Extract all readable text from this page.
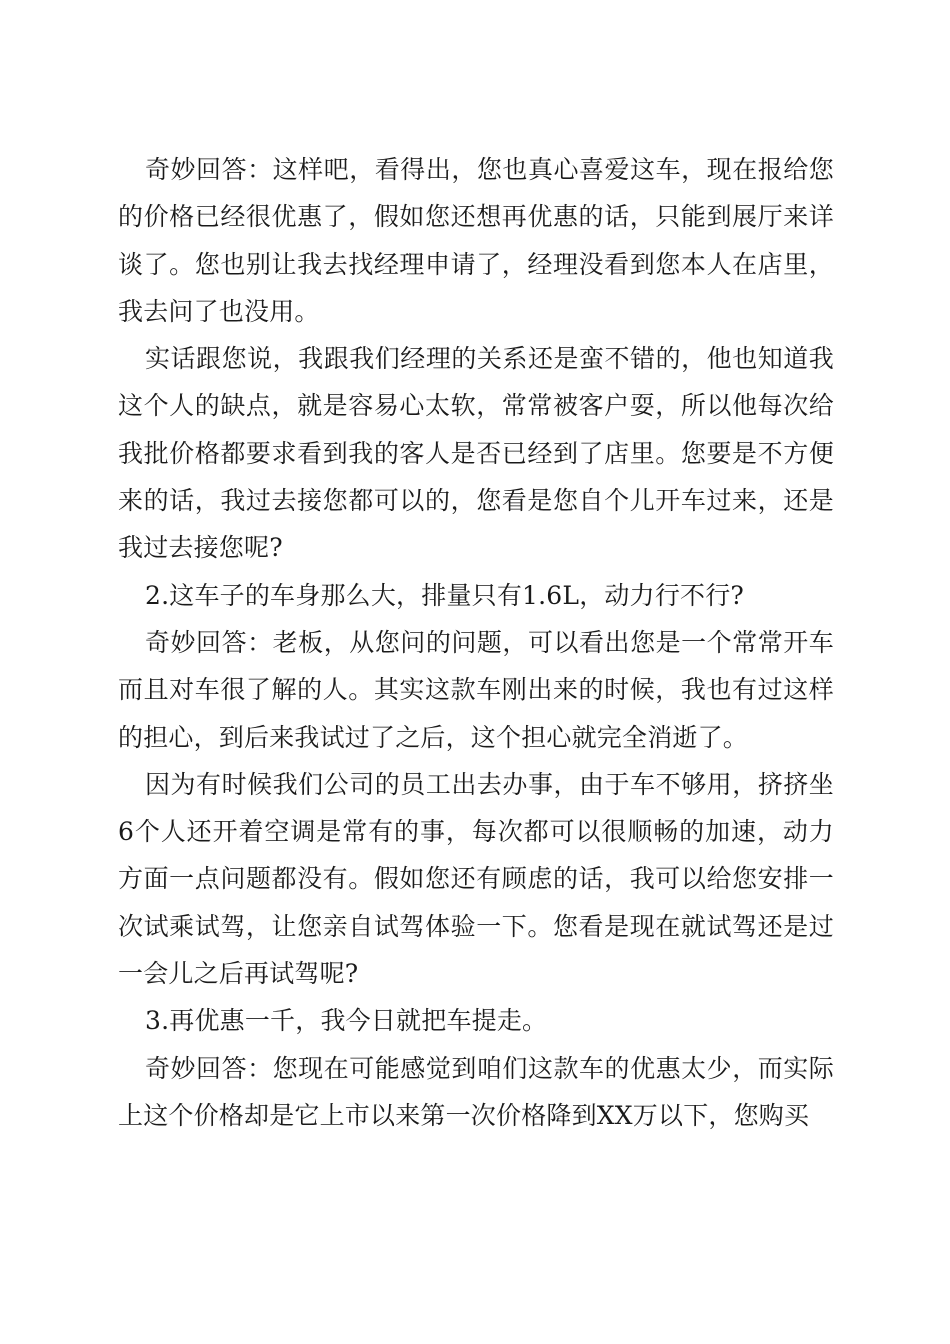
奇妙回答：这样吧，看得出，您也真心喜爱这车，现在报给您的价格已经很优惠了，假如您还想再优惠的话，只能到展厅来详谈了。您也别让我去找经理申请了，经理没看到您本人在店里，我去问了也没用。

实话跟您说，我跟我们经理的关系还是蛮不错的，他也知道我这个人的缺点，就是容易心太软，常常被客户耍，所以他每次给我批价格都要求看到我的客人是否已经到了店里。您要是不方便来的话，我过去接您都可以的，您看是您自个儿开车过来，还是我过去接您呢?

2.这车子的车身那么大，排量只有1.6L，动力行不行?

奇妙回答：老板，从您问的问题，可以看出您是一个常常开车而且对车很了解的人。其实这款车刚出来的时候，我也有过这样的担心，到后来我试过了之后，这个担心就完全消逝了。

因为有时候我们公司的员工出去办事，由于车不够用，挤挤坐6个人还开着空调是常有的事，每次都可以很顺畅的加速，动力方面一点问题都没有。假如您还有顾虑的话，我可以给您安排一次试乘试驾，让您亲自试驾体验一下。您看是现在就试驾还是过一会儿之后再试驾呢?

3.再优惠一千，我今日就把车提走。

奇妙回答：您现在可能感觉到咱们这款车的优惠太少，而实际上这个价格却是它上市以来第一次价格降到XX万以下，您购买
